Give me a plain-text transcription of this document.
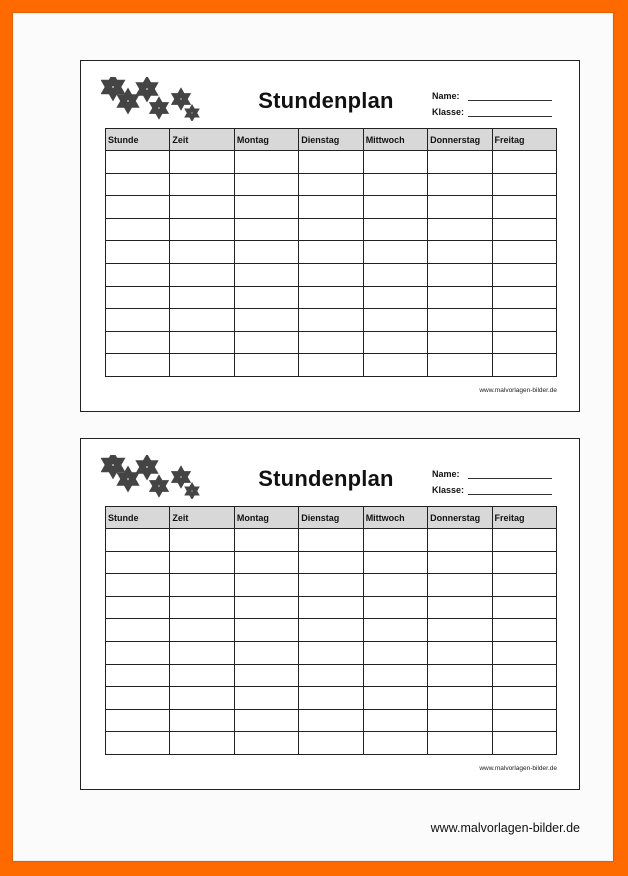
Stundenplan	Name:
Klasse:
Stunde	Zeit	Montag	Dienstag	Mittwoch	Donnerstag	Freitag

www.malvorlagen-bilder.de
Stundenplan	Name:
Klasse:
Stunde	Zeit	Montag	Dienstag	Mittwoch	Donnerstag	Freitag

www.malvorlagen-bilder.de
www.malvorlagen-bilder.de
